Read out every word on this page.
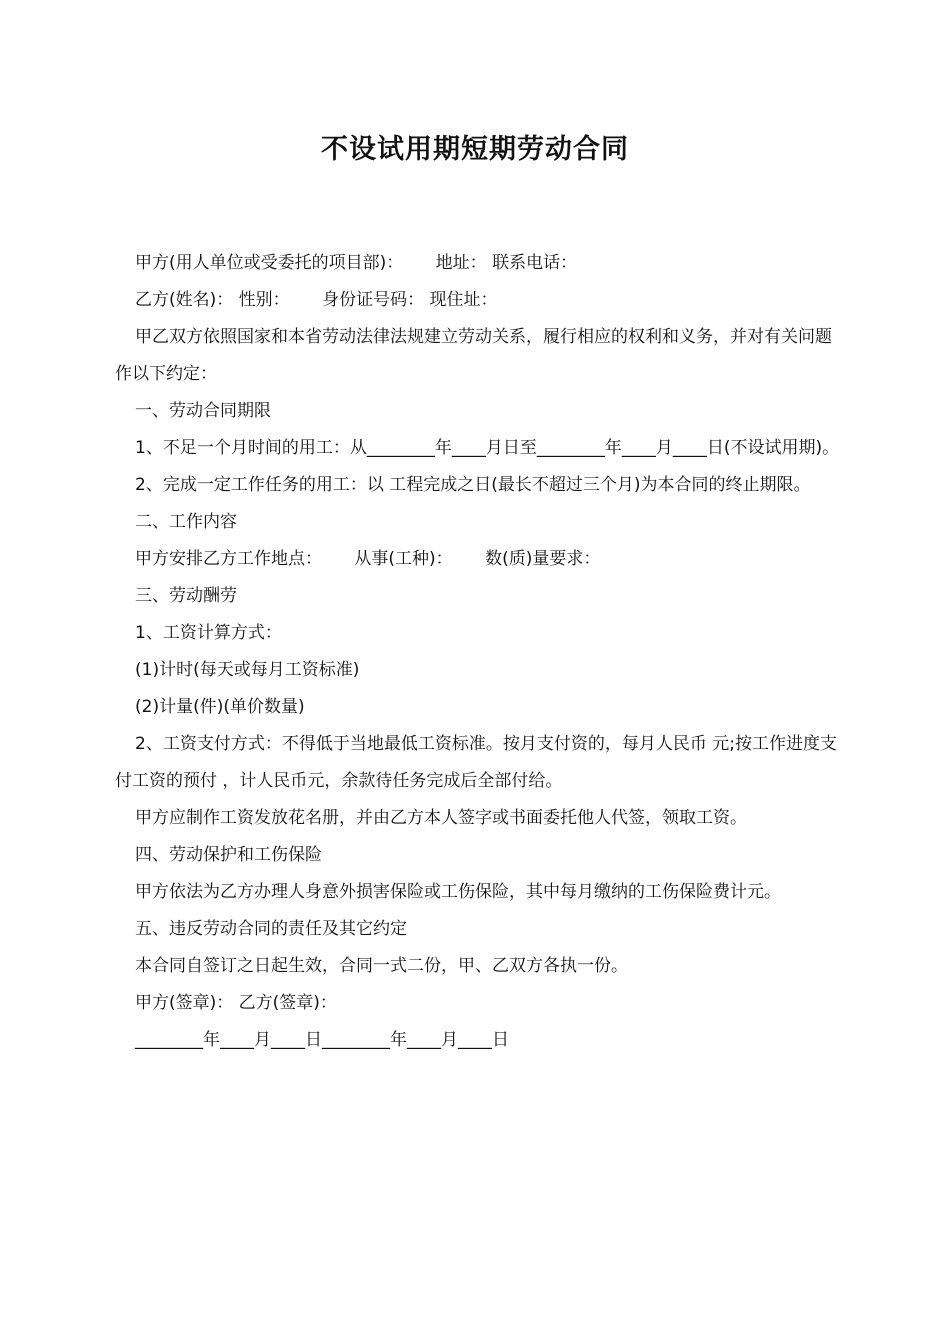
不设试用期短期劳动合同

甲方(用人单位或受委托的项目部)：      地址： 联系电话：

乙方(姓名)： 性别：      身份证号码： 现住址：

甲乙双方依照国家和本省劳动法律法规建立劳动关系，履行相应的权利和义务，并对有关问题作以下约定：

一、劳动合同期限

1、不足一个月时间的用工：从________年____月日至________年____月____日(不设试用期)。

2、完成一定工作任务的用工：以 工程完成之日(最长不超过三个月)为本合同的终止期限。

二、工作内容

甲方安排乙方工作地点：      从事(工种)：      数(质)量要求：

三、劳动酬劳

1、工资计算方式：

(1)计时(每天或每月工资标准)

(2)计量(件)(单价数量)

2、工资支付方式：不得低于当地最低工资标准。按月支付资的，每月人民币 元;按工作进度支付工资的预付 ，计人民币元，余款待任务完成后全部付给。

甲方应制作工资发放花名册，并由乙方本人签字或书面委托他人代签，领取工资。

四、劳动保护和工伤保险

甲方依法为乙方办理人身意外损害保险或工伤保险，其中每月缴纳的工伤保险费计元。

五、违反劳动合同的责任及其它约定

本合同自签订之日起生效，合同一式二份，甲、乙双方各执一份。

甲方(签章)： 乙方(签章)：

________年____月____日________年____月____日
